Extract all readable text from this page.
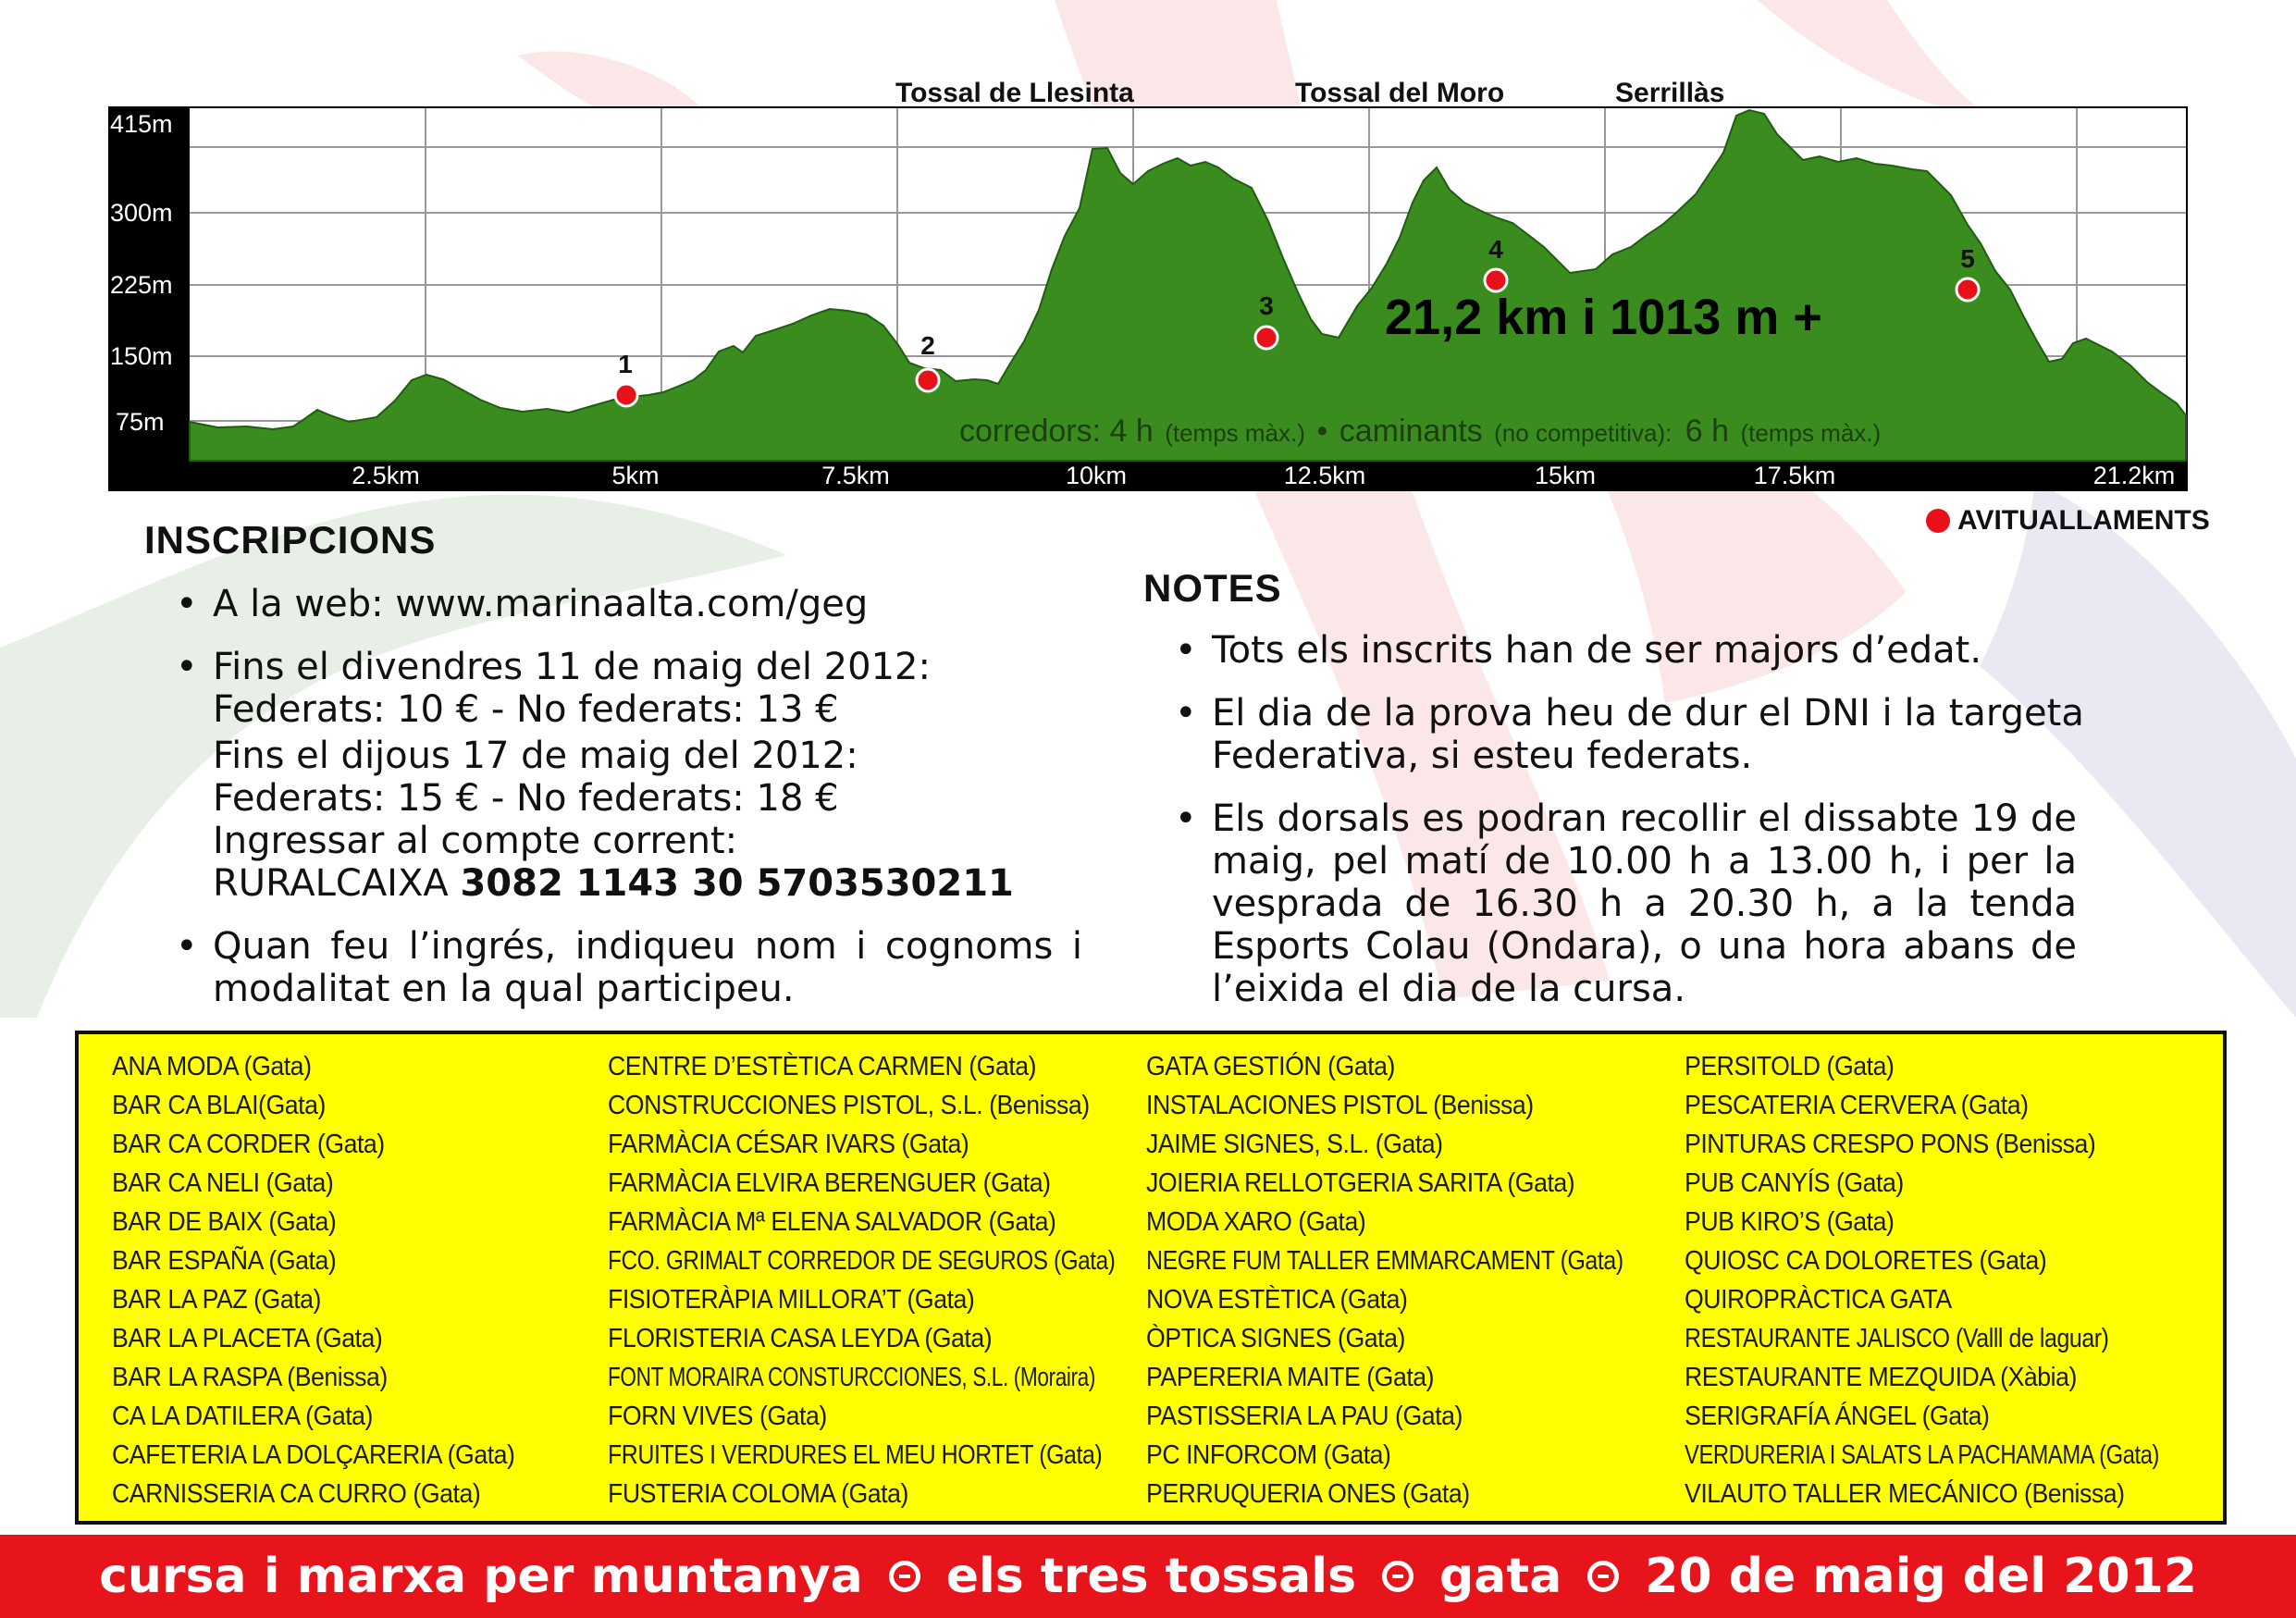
415m
300m
225m
150m
75m
2.5km	5km	7.5km	10km	12.5km	15km	17.5km	21.2km
1
2
3
4	5
21,2 km i 1013 m +
corredors: 4 h (temps màx.) • caminants (no competitiva): 6 h (temps màx.)
Tossal de Llesinta	Tossal del Moro	Serrillàs
AVITUALLAMENTS
INSCRIPCIONS
• A la web: www.marinaalta.com/geg
• Fins el divendres 11 de maig del 2012:
Federats: 10 € - No federats: 13 €
Fins el dijous 17 de maig del 2012:
Federats: 15 € - No federats: 18 €
Ingressar al compte corrent:
RURALCAIXA 3082 1143 30 5703530211
• Quan feu l’ingrés, indiqueu nom i cognoms i
modalitat en la qual participeu.
NOTES
• Tots els inscrits han de ser majors d’edat.
• El dia de la prova heu de dur el DNI i la targeta
Federativa, si esteu federats.
• Els dorsals es podran recollir el dissabte 19 de
maig, pel matí de 10.00 h a 13.00 h, i per la
vesprada de 16.30 h a 20.30 h, a la tenda
Esports Colau (Ondara), o una hora abans de
l’eixida el dia de la cursa.
ANA MODA (Gata)
BAR CA BLAI(Gata)
BAR CA CORDER (Gata)
BAR CA NELI (Gata)
BAR DE BAIX (Gata)
BAR ESPAÑA (Gata)
BAR LA PAZ (Gata)
BAR LA PLACETA (Gata)
BAR LA RASPA (Benissa)
CA LA DATILERA (Gata)
CAFETERIA LA DOLÇARERIA (Gata)
CARNISSERIA CA CURRO (Gata)
CENTRE D’ESTÈTICA CARMEN (Gata)
CONSTRUCCIONES PISTOL, S.L. (Benissa)
FARMÀCIA CÉSAR IVARS (Gata)
FARMÀCIA ELVIRA BERENGUER (Gata)
FARMÀCIA Mª ELENA SALVADOR (Gata)
FCO. GRIMALT CORREDOR DE SEGUROS (Gata)
FISIOTERÀPIA MILLORA’T (Gata)
FLORISTERIA CASA LEYDA (Gata)
FONT MORAIRA CONSTURCCIONES, S.L. (Moraira)
FORN VIVES (Gata)
FRUITES I VERDURES EL MEU HORTET (Gata)
FUSTERIA COLOMA (Gata)
GATA GESTIÓN (Gata)
INSTALACIONES PISTOL (Benissa)
JAIME SIGNES, S.L. (Gata)
JOIERIA RELLOTGERIA SARITA (Gata)
MODA XARO (Gata)
NEGRE FUM TALLER EMMARCAMENT (Gata)
NOVA ESTÈTICA (Gata)
ÒPTICA SIGNES (Gata)
PAPERERIA MAITE (Gata)
PASTISSERIA LA PAU (Gata)
PC INFORCOM (Gata)
PERRUQUERIA ONES (Gata)
PERSITOLD (Gata)
PESCATERIA CERVERA (Gata)
PINTURAS CRESPO PONS (Benissa)
PUB CANYÍS (Gata)
PUB KIRO’S (Gata)
QUIOSC CA DOLORETES (Gata)
QUIROPRÀCTICA GATA
RESTAURANTE JALISCO (Valll de laguar)
RESTAURANTE MEZQUIDA (Xàbia)
SERIGRAFÍA ÁNGEL (Gata)
VERDURERIA I SALATS LA PACHAMAMA (Gata)
VILAUTO TALLER MECÁNICO (Benissa)
cursa i marxa per muntanya els tres tossals gata 20 de maig del 2012
